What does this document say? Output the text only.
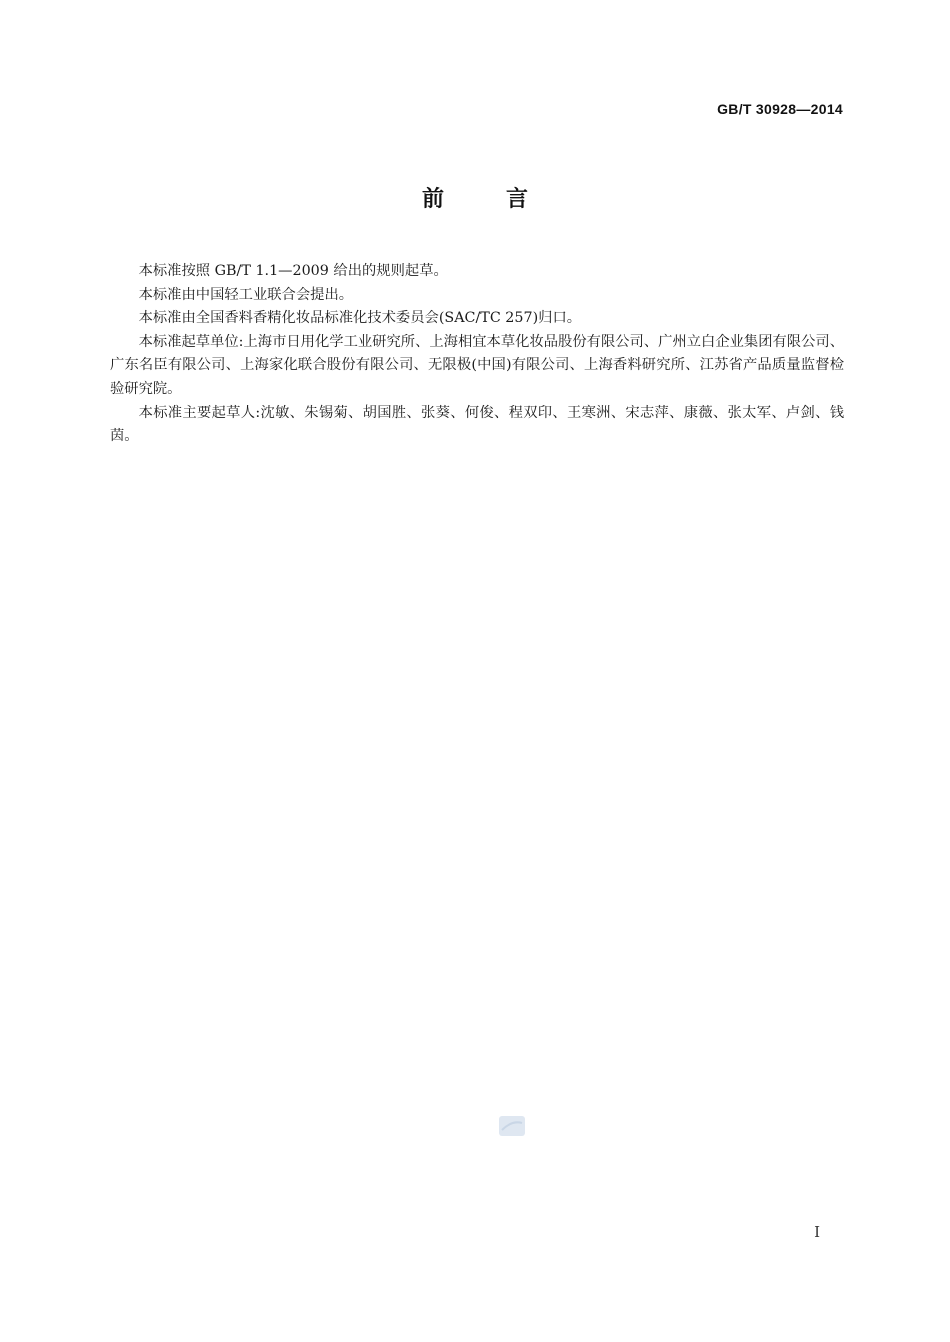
GB/T 30928—2014
前言

本标准按照 GB/T 1.1—2009 给出的规则起草。

本标准由中国轻工业联合会提出。

本标准由全国香料香精化妆品标准化技术委员会(SAC/TC 257)归口。

本标准起草单位:上海市日用化学工业研究所、上海相宜本草化妆品股份有限公司、广州立白企业集团有限公司、广东名臣有限公司、上海家化联合股份有限公司、无限极(中国)有限公司、上海香料研究所、江苏省产品质量监督检验研究院。

本标准主要起草人:沈敏、朱锡菊、胡国胜、张葵、何俊、程双印、王寒洲、宋志萍、康薇、张太军、卢剑、钱茵。

I
